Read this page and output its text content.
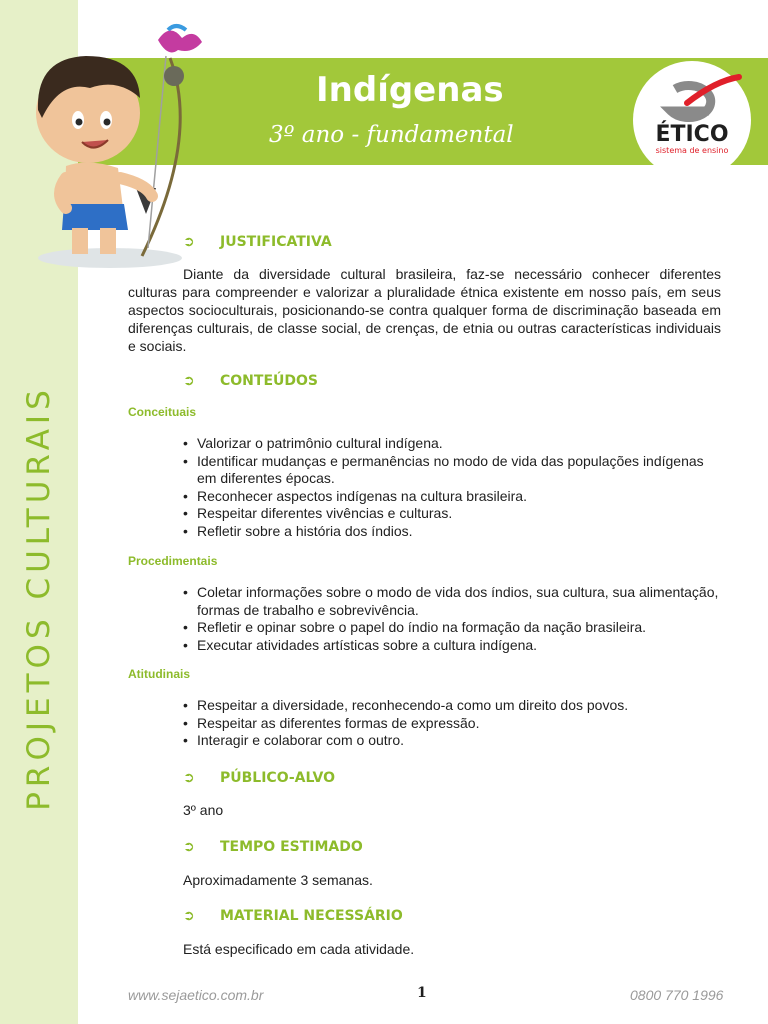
PROJETOS CULTURAIS
Indígenas
3º ano - fundamental	ÉTICO
sistema de ensino
➲ JUSTIFICATIVA
Diante da diversidade cultural brasileira, faz-se necessário conhecer diferentes culturas para compreender e valorizar a pluralidade étnica existente em nosso país, em seus aspectos socioculturais, posicionando-se contra qualquer forma de discriminação baseada em diferenças culturais, de classe social, de crenças, de etnia ou outras características individuais e sociais.
➲ CONTEÚDOS
Conceituais
• Valorizar o patrimônio cultural indígena.
• Identificar mudanças e permanências no modo de vida das populações indígenas em diferentes épocas.
• Reconhecer aspectos indígenas na cultura brasileira.
• Respeitar diferentes vivências e culturas.
• Refletir sobre a história dos índios.
Procedimentais
• Coletar informações sobre o modo de vida dos índios, sua cultura, sua alimentação, formas de trabalho e sobrevivência.
• Refletir e opinar sobre o papel do índio na formação da nação brasileira.
• Executar atividades artísticas sobre a cultura indígena.
Atitudinais
• Respeitar a diversidade, reconhecendo-a como um direito dos povos.
• Respeitar as diferentes formas de expressão.
• Interagir e colaborar com o outro.
➲ PÚBLICO-ALVO
3º ano
➲ TEMPO ESTIMADO
Aproximadamente 3 semanas.
➲ MATERIAL NECESSÁRIO
Está especificado em cada atividade.
www.sejaetico.com.br	1	0800 770 1996
